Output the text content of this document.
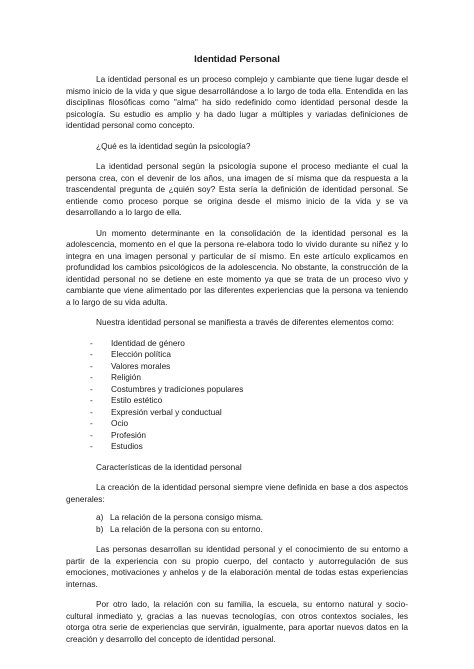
Identidad Personal

La identidad personal es un proceso complejo y cambiante que tiene lugar desde el mismo inicio de la vida y que sigue desarrollándose a lo largo de toda ella. Entendida en las disciplinas filosóficas como "alma" ha sido redefinido como identidad personal desde la psicología. Su estudio es amplio y ha dado lugar a múltiples y variadas definiciones de identidad personal como concepto.

¿Qué es la identidad según la psicología?

La identidad personal según la psicología supone el proceso mediante el cual la persona crea, con el devenir de los años, una imagen de sí misma que da respuesta a la trascendental pregunta de ¿quién soy? Esta sería la definición de identidad personal. Se entiende como proceso porque se origina desde el mismo inicio de la vida y se va desarrollando a lo largo de ella.

Un momento determinante en la consolidación de la identidad personal es la adolescencia, momento en el que la persona re-elabora todo lo vivido durante su niñez y lo integra en una imagen personal y particular de sí mismo. En este artículo explicamos en profundidad los cambios psicológicos de la adolescencia. No obstante, la construcción de la identidad personal no se detiene en este momento ya que se trata de un proceso vivo y cambiante que viene alimentado por las diferentes experiencias que la persona va teniendo a lo largo de su vida adulta.

Nuestra identidad personal se manifiesta a través de diferentes elementos como:

- Identidad de género
- Elección política
- Valores morales
- Religión
- Costumbres y tradiciones populares
- Estilo estético
- Expresión verbal y conductual
- Ocio
- Profesión
- Estudios

Características de la identidad personal

La creación de la identidad personal siempre viene definida en base a dos aspectos generales:

a) La relación de la persona consigo misma.
b) La relación de la persona con su entorno.

Las personas desarrollan su identidad personal y el conocimiento de su entorno a partir de la experiencia con su propio cuerpo, del contacto y autorregulación de sus emociones, motivaciones y anhelos y de la elaboración mental de todas estas experiencias internas.

Por otro lado, la relación con su familia, la escuela, su entorno natural y socio-cultural inmediato y, gracias a las nuevas tecnologías, con otros contextos sociales, les otorga otra serie de experiencias que servirán, igualmente, para aportar nuevos datos en la creación y desarrollo del concepto de identidad personal.
